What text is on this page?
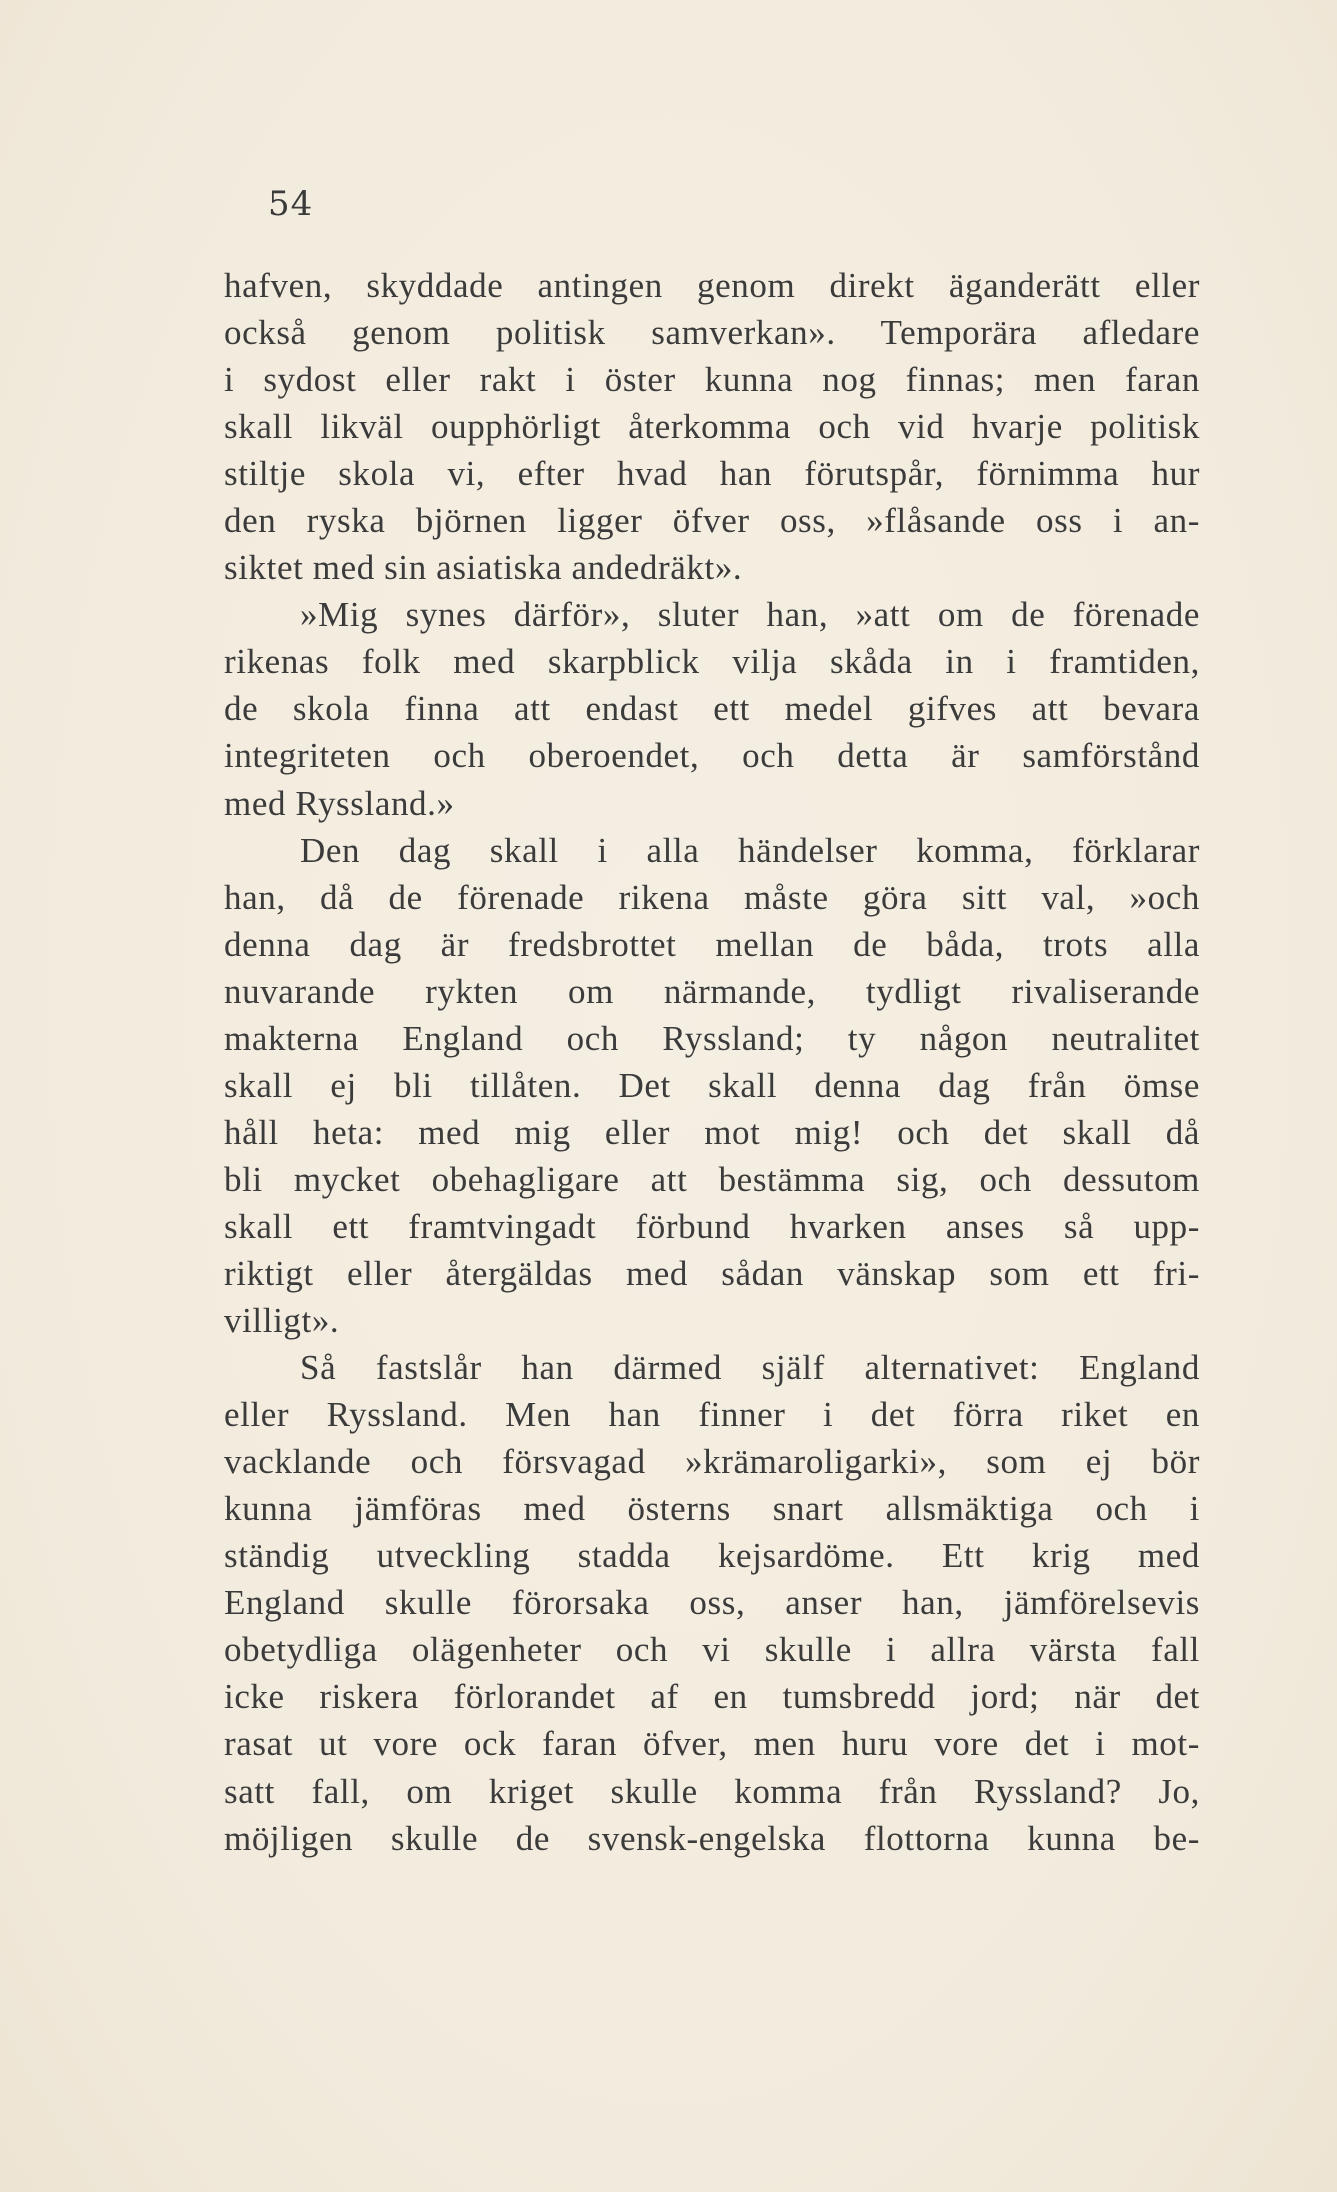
54
hafven, skyddade antingen genom direkt äganderätt eller
också genom politisk samverkan». Temporära afledare
i sydost eller rakt i öster kunna nog finnas; men faran
skall likväl oupphörligt återkomma och vid hvarje politisk
stiltje skola vi, efter hvad han förutspår, förnimma hur
den ryska björnen ligger öfver oss, »flåsande oss i an-
siktet med sin asiatiska andedräkt».
»Mig synes därför», sluter han, »att om de förenade
rikenas folk med skarpblick vilja skåda in i framtiden,
de skola finna att endast ett medel gifves att bevara
integriteten och oberoendet, och detta är samförstånd
med Ryssland.»
Den dag skall i alla händelser komma, förklarar
han, då de förenade rikena måste göra sitt val, »och
denna dag är fredsbrottet mellan de båda, trots alla
nuvarande rykten om närmande, tydligt rivaliserande
makterna England och Ryssland; ty någon neutralitet
skall ej bli tillåten. Det skall denna dag från ömse
håll heta: med mig eller mot mig! och det skall då
bli mycket obehagligare att bestämma sig, och dessutom
skall ett framtvingadt förbund hvarken anses så upp-
riktigt eller återgäldas med sådan vänskap som ett fri-
villigt».
Så fastslår han därmed själf alternativet: England
eller Ryssland. Men han finner i det förra riket en
vacklande och försvagad »krämaroligarki», som ej bör
kunna jämföras med österns snart allsmäktiga och i
ständig utveckling stadda kejsardöme. Ett krig med
England skulle förorsaka oss, anser han, jämförelsevis
obetydliga olägenheter och vi skulle i allra värsta fall
icke riskera förlorandet af en tumsbredd jord; när det
rasat ut vore ock faran öfver, men huru vore det i mot-
satt fall, om kriget skulle komma från Ryssland? Jo,
möjligen skulle de svensk-engelska flottorna kunna be-
